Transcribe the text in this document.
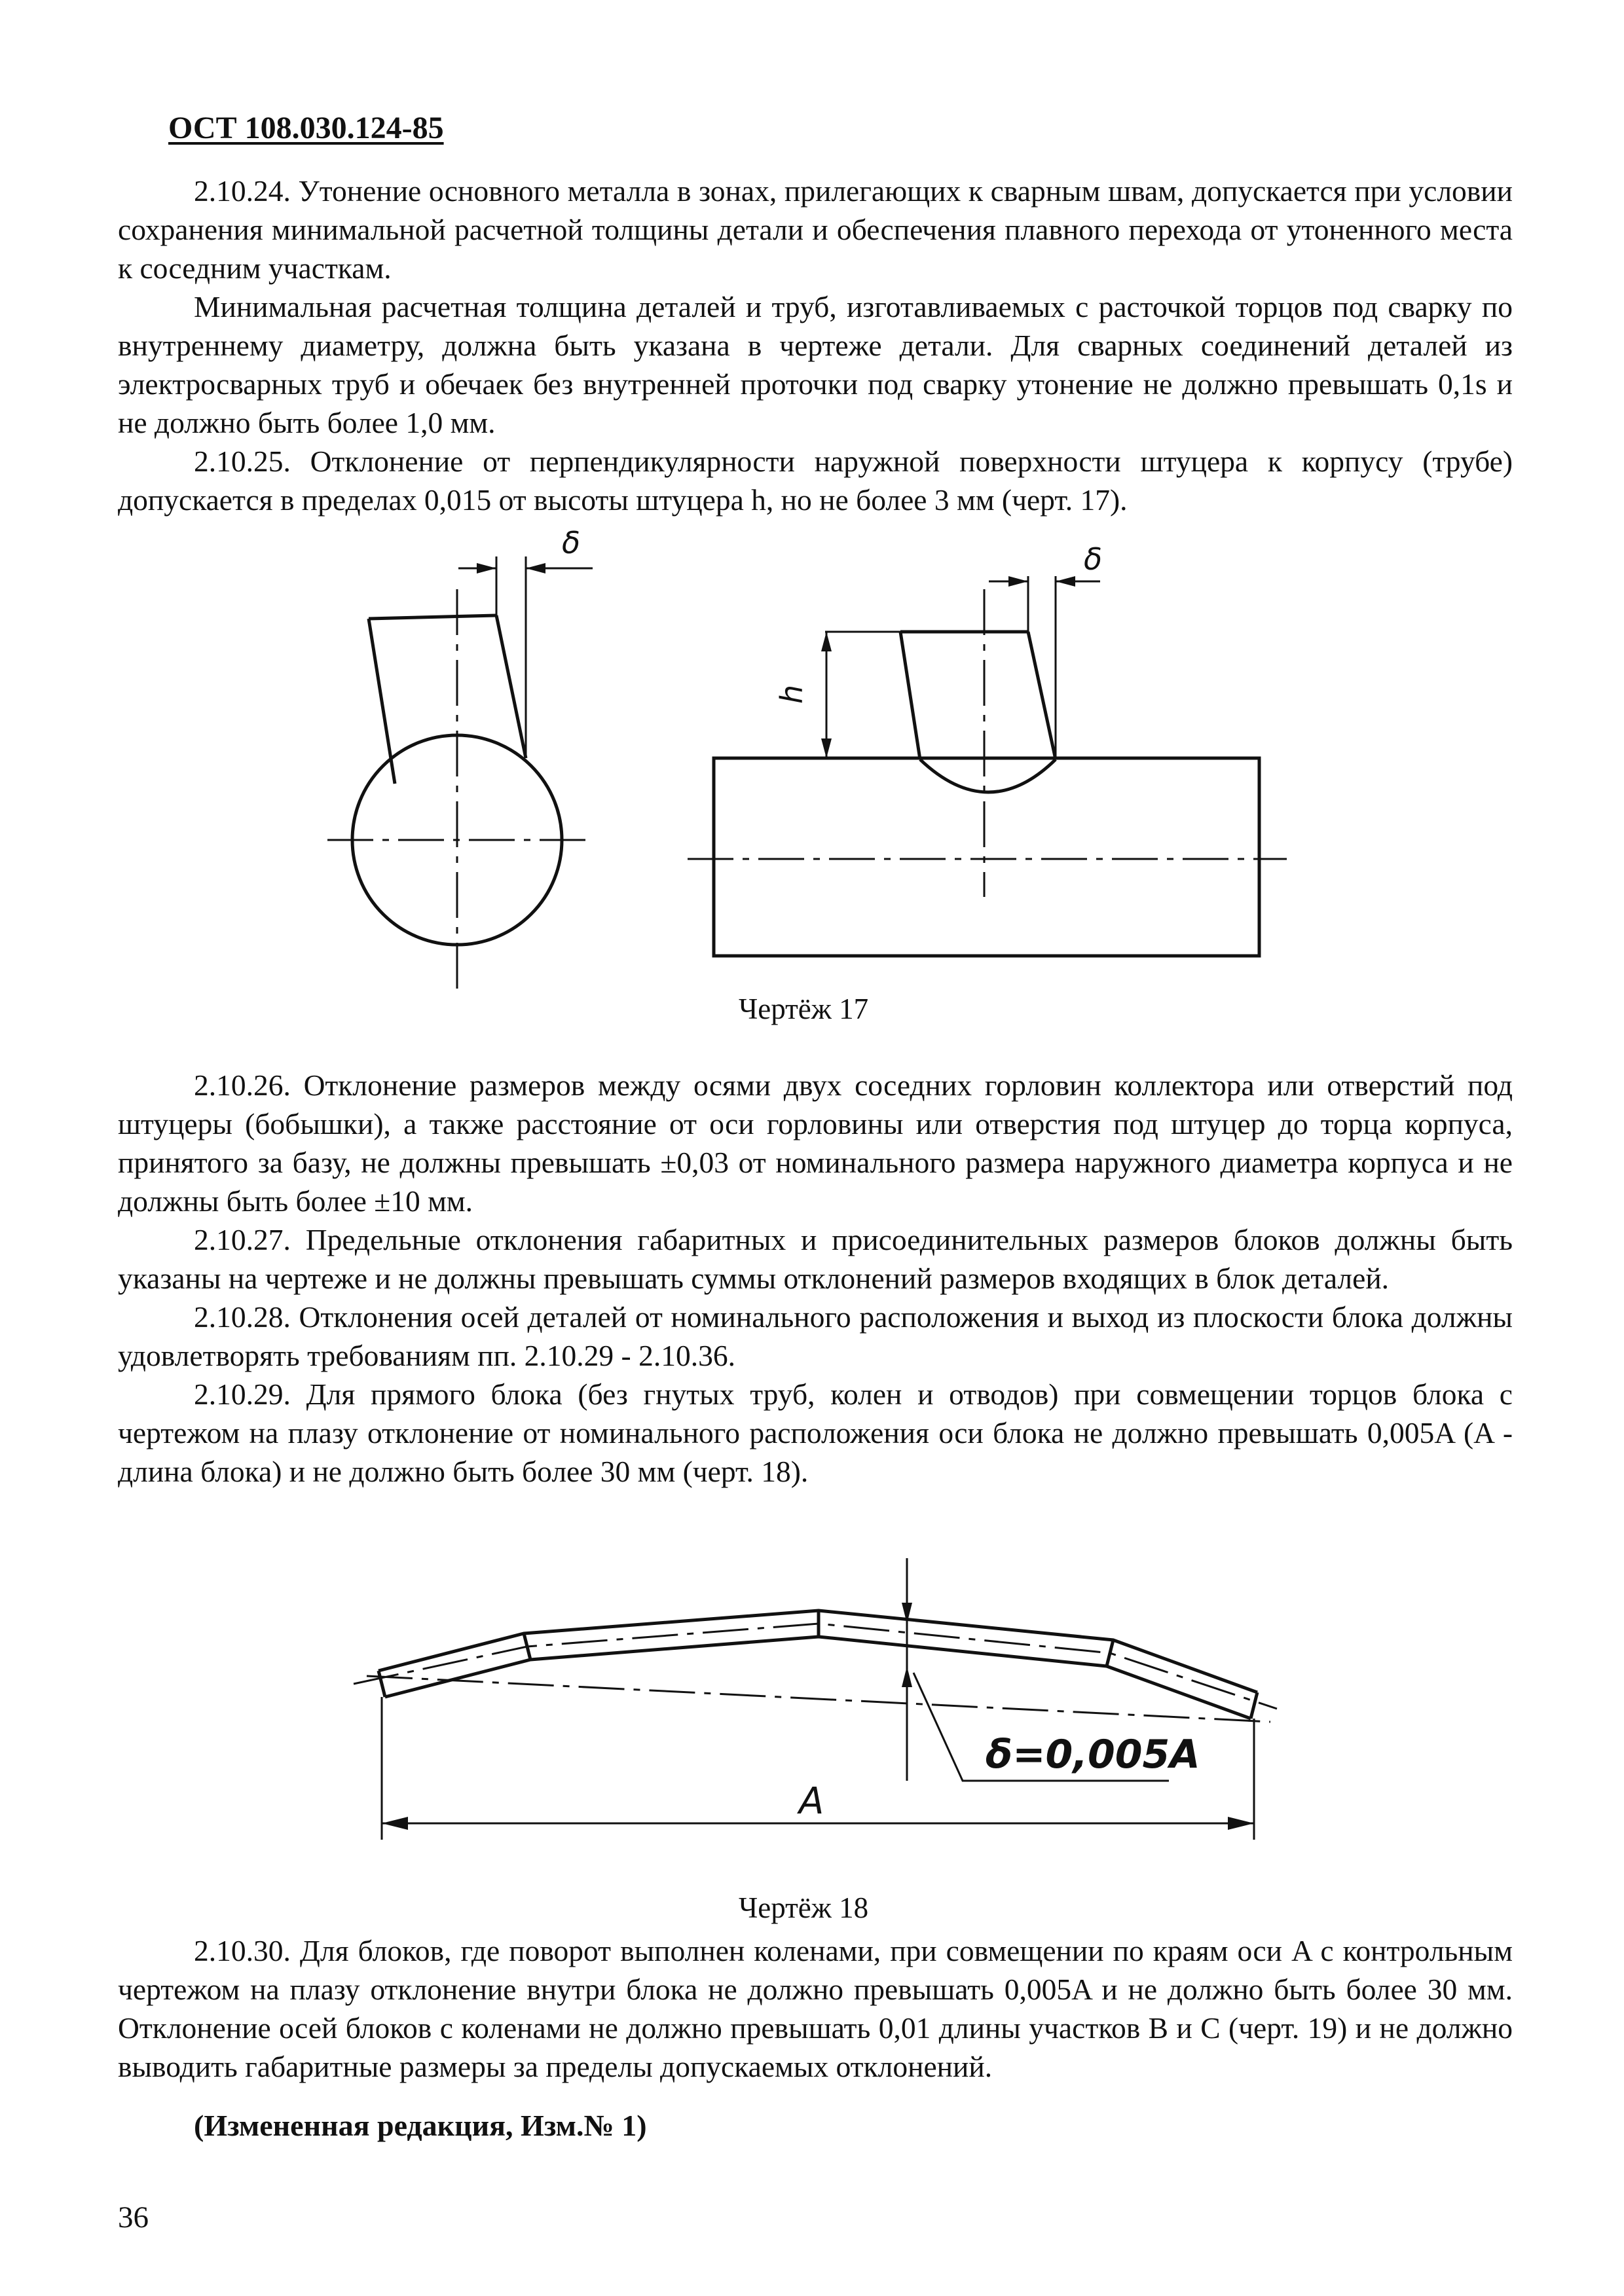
ОСТ 108.030.124-85

2.10.24. Утонение основного металла в зонах, прилегающих к сварным швам, допускается при условии сохранения минимальной расчетной толщины детали и обеспечения плавного перехода от утоненного места к соседним участкам.

Минимальная расчетная толщина деталей и труб, изготавливаемых с расточкой торцов под сварку по внутреннему диаметру, должна быть указана в чертеже детали. Для сварных соединений деталей из электросварных труб и обечаек без внутренней проточки под сварку утонение не должно превышать 0,1s и не должно быть более 1,0 мм.

2.10.25. Отклонение от перпендикулярности наружной поверхности штуцера к корпусу (трубе) допускается в пределах 0,015 от высоты штуцера h, но не более 3 мм (черт. 17).

δ	δ
h
Чертёж 17

2.10.26. Отклонение размеров между осями двух соседних горловин коллектора или отверстий под штуцеры (бобышки), а также расстояние от оси горловины или отверстия под штуцер до торца корпуса, принятого за базу, не должны превышать ±0,03 от номинального размера наружного диаметра корпуса и не должны быть более ±10 мм.

2.10.27. Предельные отклонения габаритных и присоединительных размеров блоков должны быть указаны на чертеже и не должны превышать суммы отклонений размеров входящих в блок деталей.

2.10.28. Отклонения осей деталей от номинального расположения и выход из плоскости блока должны удовлетворять требованиям пп. 2.10.29 - 2.10.36.

2.10.29. Для прямого блока (без гнутых труб, колен и отводов) при совмещении торцов блока с чертежом на плазу отклонение от номинального расположения оси блока не должно превышать 0,005A (A - длина блока) и не должно быть более 30 мм (черт. 18).

A
δ=0,005A
Чертёж 18

2.10.30. Для блоков, где поворот выполнен коленами, при совмещении по краям оси A с контрольным чертежом на плазу отклонение внутри блока не должно превышать 0,005A и не должно быть более 30 мм. Отклонение осей блоков с коленами не должно превышать 0,01 длины участков B и C (черт. 19) и не должно выводить габаритные размеры за пределы допускаемых отклонений.

(Измененная редакция, Изм.№ 1)
36
